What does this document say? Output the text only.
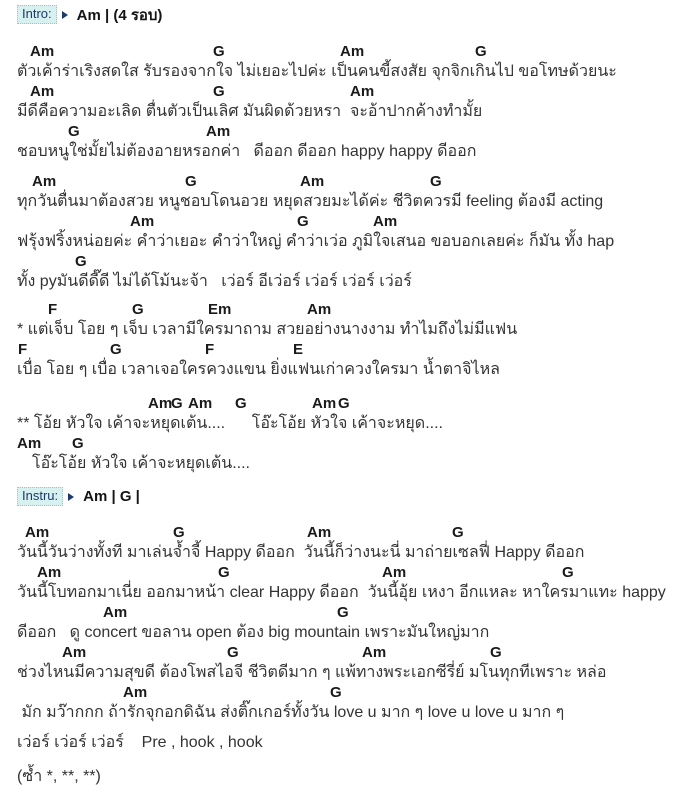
Intro:	Am | (4 รอบ)
Am	G	Am	G
ตัวเค้าร่าเริงสดใส รับรองจากใจ ไม่เยอะไปค่ะ เป็นคนขี้สงสัย จุกจิกเกินไป ขอโทษด้วยนะ
Am	G	Am
มีดีคือความอะเลิด ตื่นตัวเป็นเลิศ มันผิดด้วยหรา  จะอ้าปากค้างทำมั้ย
G	Am
ชอบหนูใช่มั้ยไม่ต้องอายหรอกค่า   ดีออก ดีออก happy happy ดีออก
Am	G	Am	G
ทุกวันตื่นมาต้องสวย หนูชอบโดนอวย หยุดสวยมะได้ค่ะ ชีวิตควรมี feeling ต้องมี acting
Am	G	Am
ฟรุ้งฟริ้งหน่อยค่ะ คำว่าเยอะ คำว่าใหญ่ คำว่าเว่อ ภูมิใจเสนอ ขอบอกเลยค่ะ ก็มัน ทั้ง hap
G
ทั้ง pyมันดีดี๊ดี ไม่ได้โม้นะจ้า   เว่อร์ อีเว่อร์ เว่อร์ เว่อร์ เว่อร์
F	G	Em	Am
* แต่เจ็บ โอย ๆ เจ็บ เวลามีใครมาถาม สวยอย่างนางงาม ทำไมถึงไม่มีแฟน
F	G	F	E
เบื่อ โอย ๆ เบื่อ เวลาเจอใครควงแขน ยิ่งแฟนเก่าควงใครมา น้ำตาจิไหล
Am
G Am G	Am G
** โอ้ย หัวใจ เค้าจะหยุดเต้น....      โอ๊ะโอ้ย หัวใจ เค้าจะหยุด....
Am G
โอ๊ะโอ้ย หัวใจ เค้าจะหยุดเต้น....
Instru:	Am | G |
Am	G	Am	G
วันนี้วันว่างทั้งที มาเล่นจ้ำจี้ Happy ดีออก  วันนี้ก็ว่างนะนี่ มาถ่ายเซลฟี่ Happy ดีออก
Am	G	Am	G
วันนี้โบทอกมาเนี่ย ออกมาหน้า clear Happy ดีออก  วันนี้อุ้ย เหงา อีกแหละ หาใครมาแทะ happy
Am	G
ดีออก   ดู concert ขอลาน open ต้อง big mountain เพราะมันใหญ่มาก
Am	G	Am	G
ช่วงไหนมีความสุขดี ต้องโพสไอจี ชีวิตดีมาก ๆ แพ้ทางพระเอกซีรี่ย์ มโนทุกทีเพราะ หล่อ
Am	G
มัก มว๊ากกก ถ้ารักจุกอกดิฉัน ส่งติ๊กเกอร์ทั้งวัน love u มาก ๆ love u love u มาก ๆ
เว่อร์ เว่อร์ เว่อร์    Pre , hook , hook
(ซ้ำ *, **, **)
